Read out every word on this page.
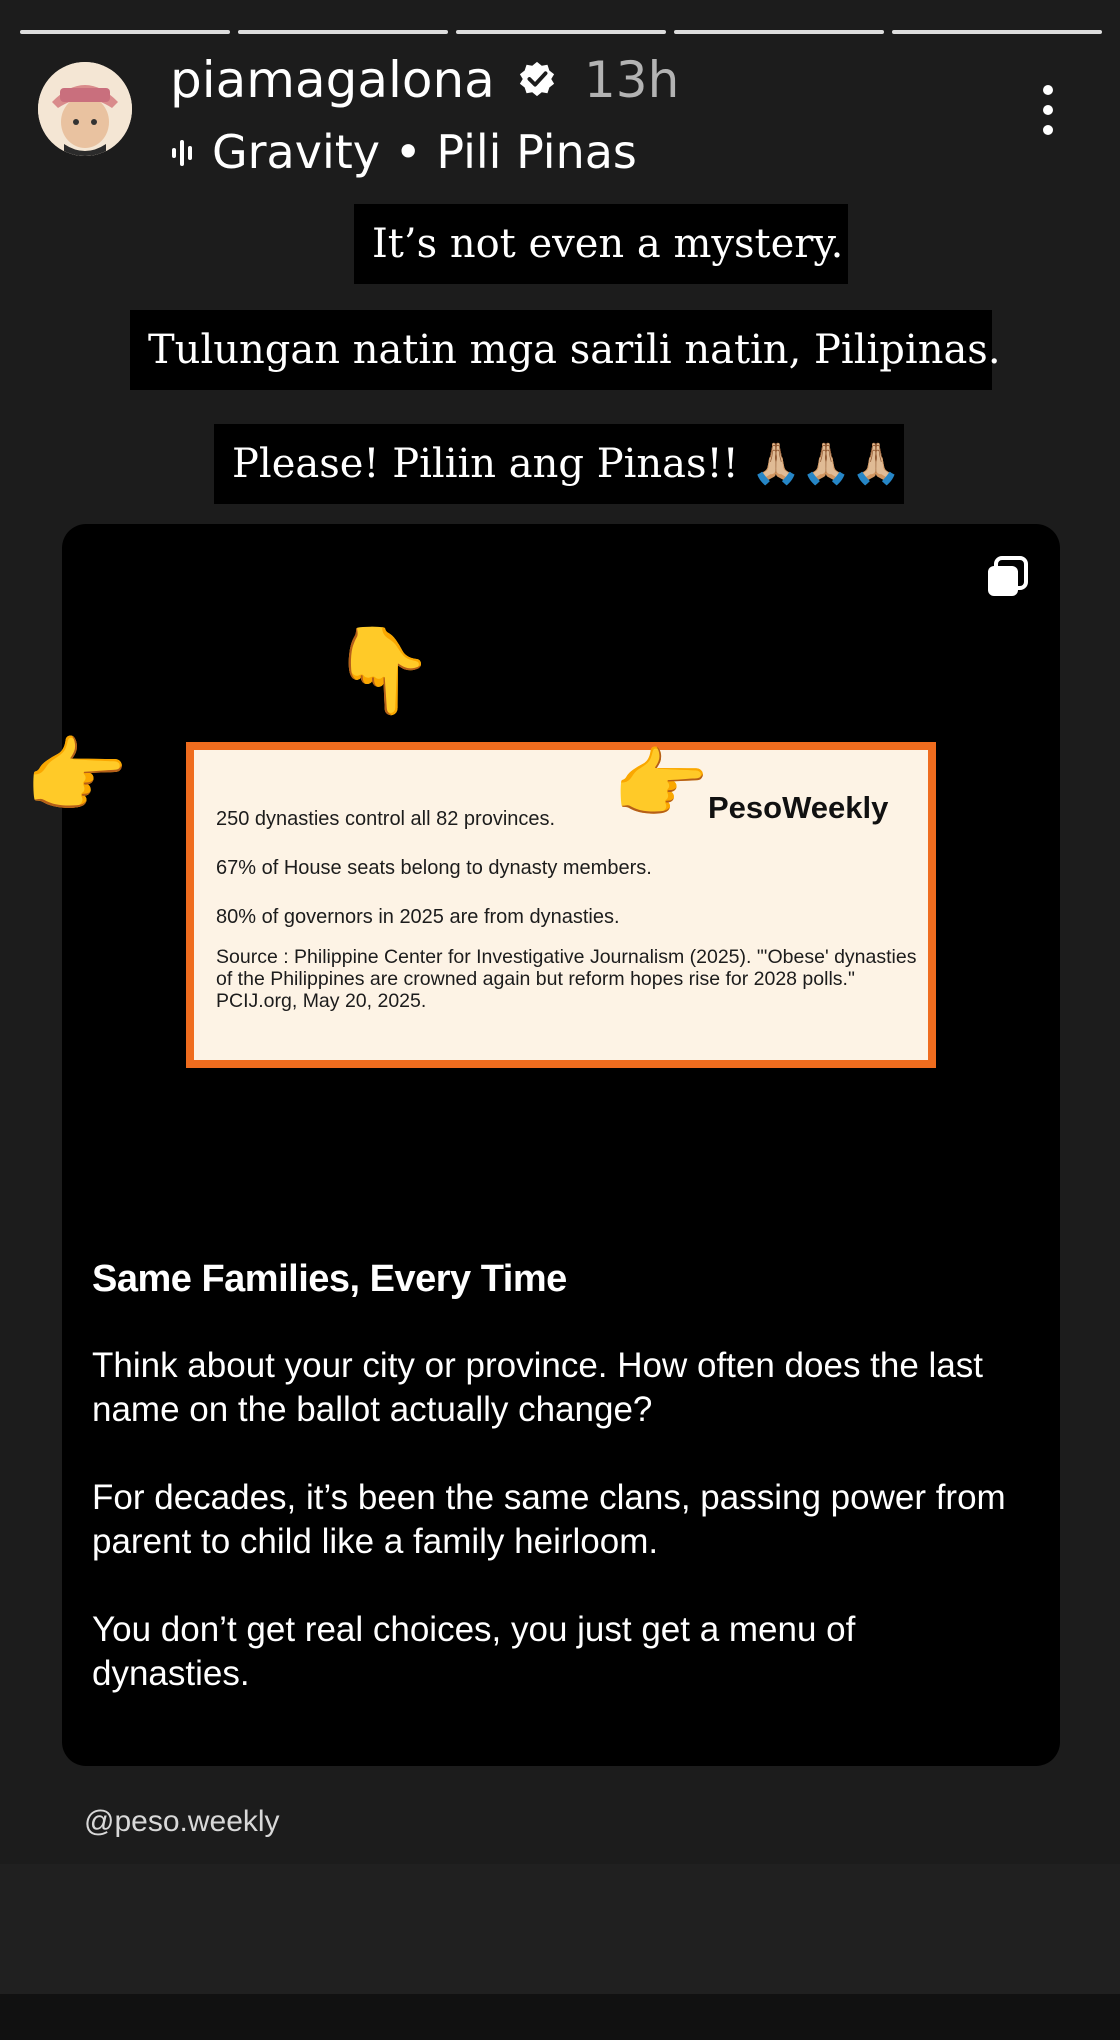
piamagalona 13h
Gravity • Pili Pinas
It’s not even a mystery.
Tulungan natin mga sarili natin, Pilipinas.
Please! Piliin ang Pinas!! 🙏🏼🙏🏼🙏🏼
👇
👉	250 dynasties control all 82 provinces.
67% of House seats belong to dynasty members.
80% of governors in 2025 are from dynasties.
PesoWeekly
Source : Philippine Center for Investigative Journalism (2025). "'Obese' dynasties of the Philippines are crowned again but reform hopes rise for 2028 polls." PCIJ.org, May 20, 2025.
👉
Same Families, Every Time
Think about your city or province. How often does the last name on the ballot actually change?
For decades, it’s been the same clans, passing power from parent to child like a family heirloom.
You don’t get real choices, you just get a menu of dynasties.
@peso.weekly
